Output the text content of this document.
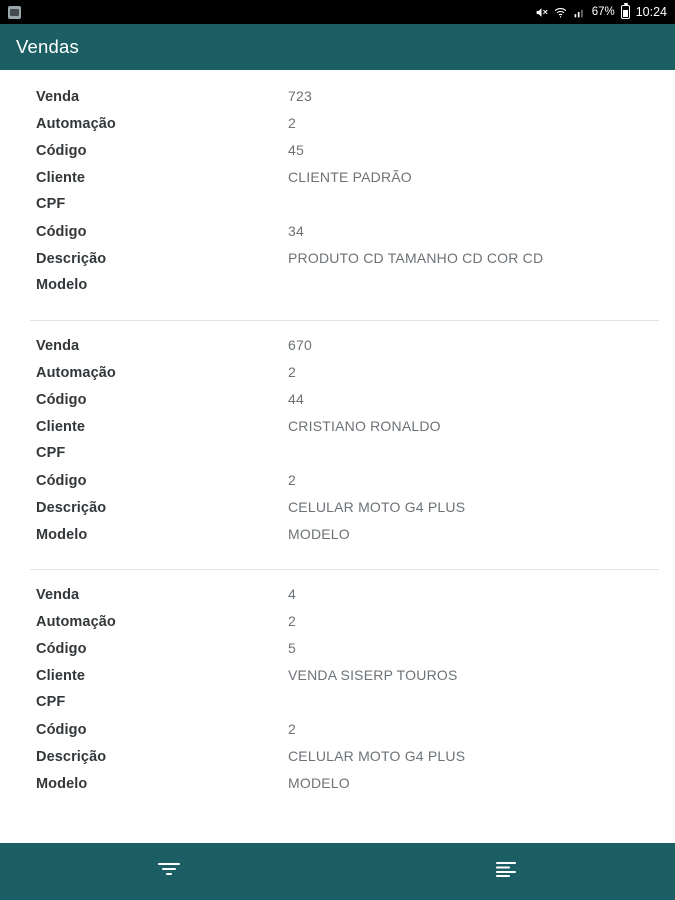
67% 10:24
Vendas
Venda	723
Automação	2
Código	45
Cliente	CLIENTE PADRÃO
CPF
Código	34
Descrição	PRODUTO CD TAMANHO CD COR CD
Modelo
Venda	670
Automação	2
Código	44
Cliente	CRISTIANO RONALDO
CPF
Código	2
Descrição	CELULAR MOTO G4 PLUS
Modelo	MODELO
Venda	4
Automação	2
Código	5
Cliente	VENDA SISERP TOUROS
CPF
Código	2
Descrição	CELULAR MOTO G4 PLUS
Modelo	MODELO
